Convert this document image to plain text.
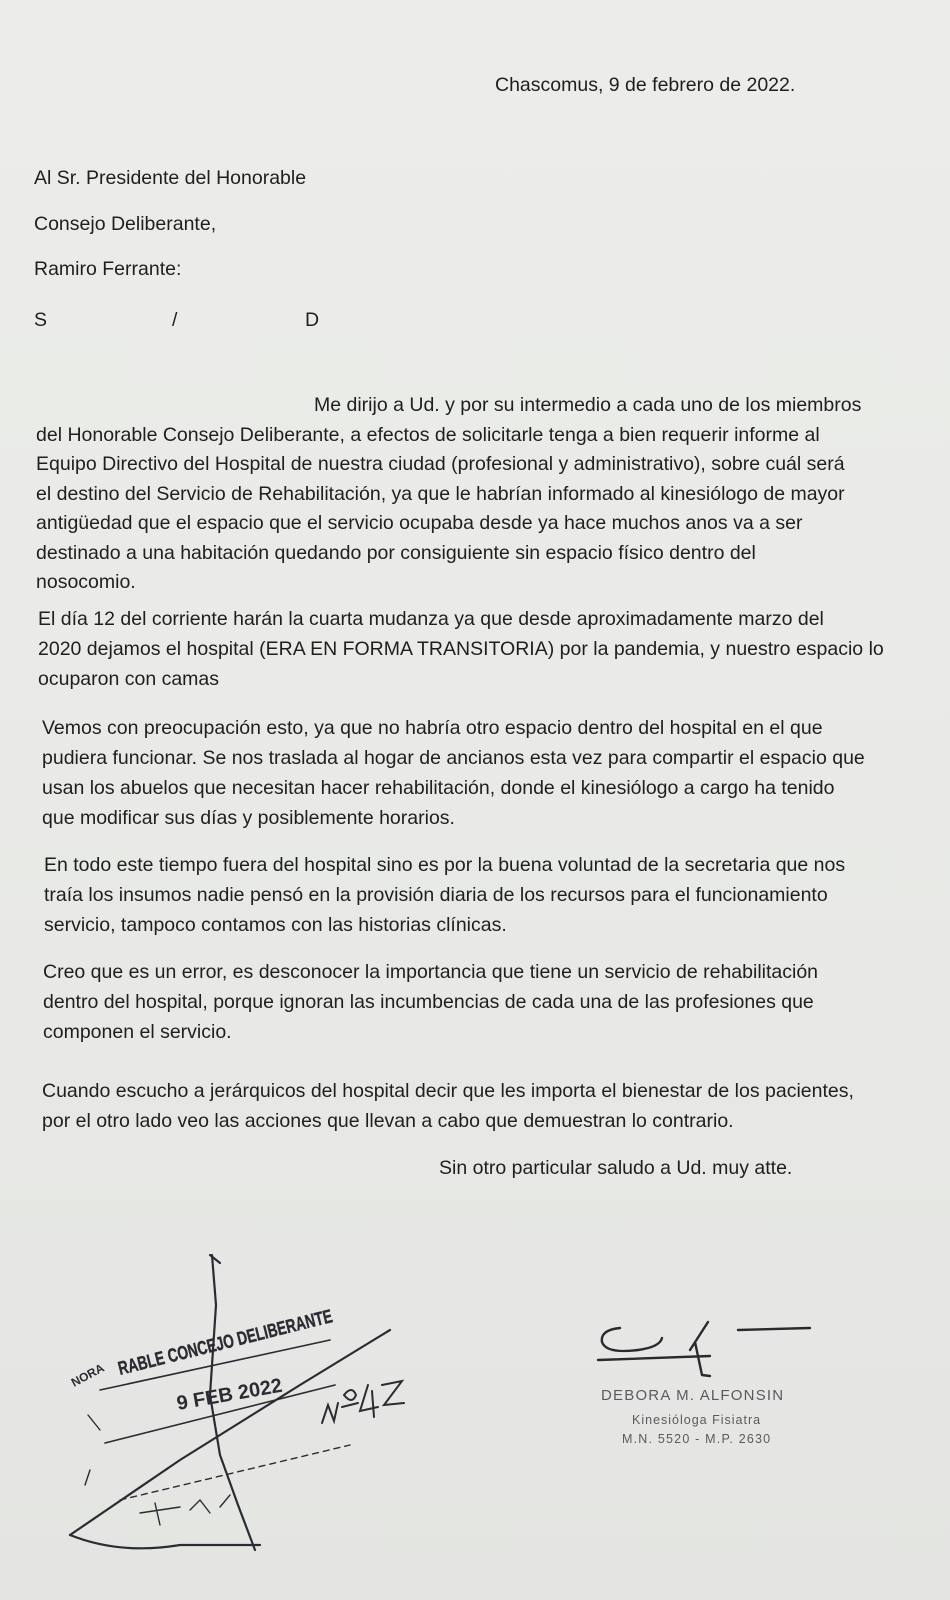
Chascomus, 9 de febrero de 2022.
Al Sr. Presidente del Honorable
Consejo Deliberante,
Ramiro Ferrante:
S	/	D
Me dirijo a Ud. y por su intermedio a cada uno de los miembros
del Honorable Consejo Deliberante, a efectos de solicitarle tenga a bien requerir informe al
Equipo Directivo del Hospital de nuestra ciudad (profesional y administrativo), sobre cuál será
el destino del Servicio de Rehabilitación, ya que le habrían informado al kinesiólogo de mayor
antigüedad que el espacio que el servicio ocupaba desde ya hace muchos anos va a ser
destinado a una habitación quedando por consiguiente sin espacio físico dentro del
nosocomio.
El día 12 del corriente harán la cuarta mudanza ya que desde aproximadamente marzo del
2020 dejamos el hospital (ERA EN FORMA TRANSITORIA) por la pandemia, y nuestro espacio lo
ocuparon con camas
Vemos con preocupación esto, ya que no habría otro espacio dentro del hospital en el que
pudiera funcionar. Se nos traslada al hogar de ancianos esta vez para compartir el espacio que
usan los abuelos que necesitan hacer rehabilitación, donde el kinesiólogo a cargo ha tenido
que modificar sus días y posiblemente horarios.
En todo este tiempo fuera del hospital sino es por la buena voluntad de la secretaria que nos
traía los insumos nadie pensó en la provisión diaria de los recursos para el funcionamiento
servicio, tampoco contamos con las historias clínicas.
Creo que es un error, es desconocer la importancia que tiene un servicio de rehabilitación
dentro del hospital, porque ignoran las incumbencias de cada una de las profesiones que
componen el servicio.
Cuando escucho a jerárquicos del hospital decir que les importa el bienestar de los pacientes,
por el otro lado veo las acciones que llevan a cabo que demuestran lo contrario.
Sin otro particular saludo a Ud. muy atte.
NORA RABLE CONCEJO DELIBERANTE
9 FEB 2022	DEBORA M. ALFONSIN
Kinesióloga Fisiatra
M.N. 5520 - M.P. 2630
